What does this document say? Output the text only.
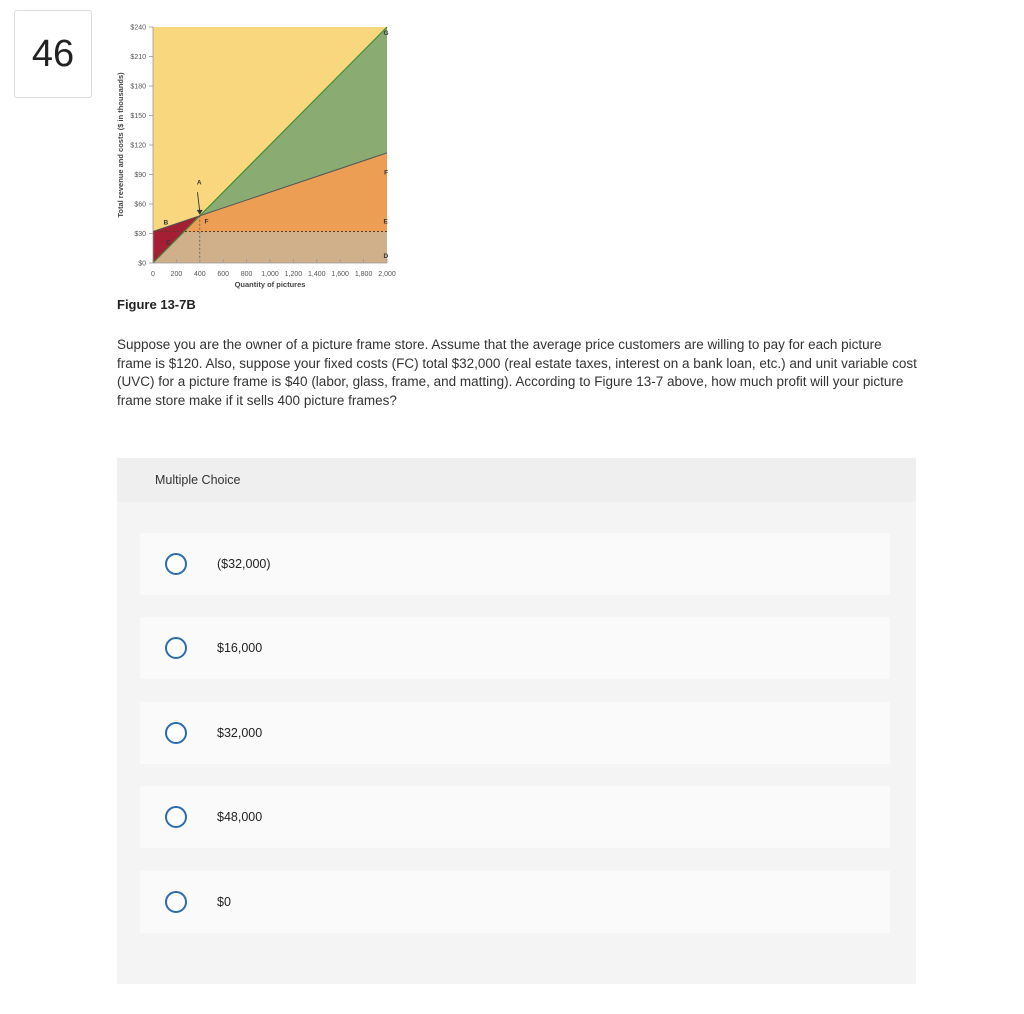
46
$0
$30
$60
$90
$120
$150
$180
$210
$240
0 200 400 600 800 1,000 1,200 1,400 1,600 1,800 2,000
Quantity of pictures
Total revenue and costs ($ in thousands)	A
B
C
D
E
F
F
G
Figure 13-7B
Suppose you are the owner of a picture frame store. Assume that the average price customers are willing to pay for each picture frame is $120. Also, suppose your fixed costs (FC) total $32,000 (real estate taxes, interest on a bank loan, etc.) and unit variable cost (UVC) for a picture frame is $40 (labor, glass, frame, and matting). According to Figure 13-7 above, how much profit will your picture frame store make if it sells 400 picture frames?
Multiple Choice
($32,000)
$16,000
$32,000
$48,000
$0
